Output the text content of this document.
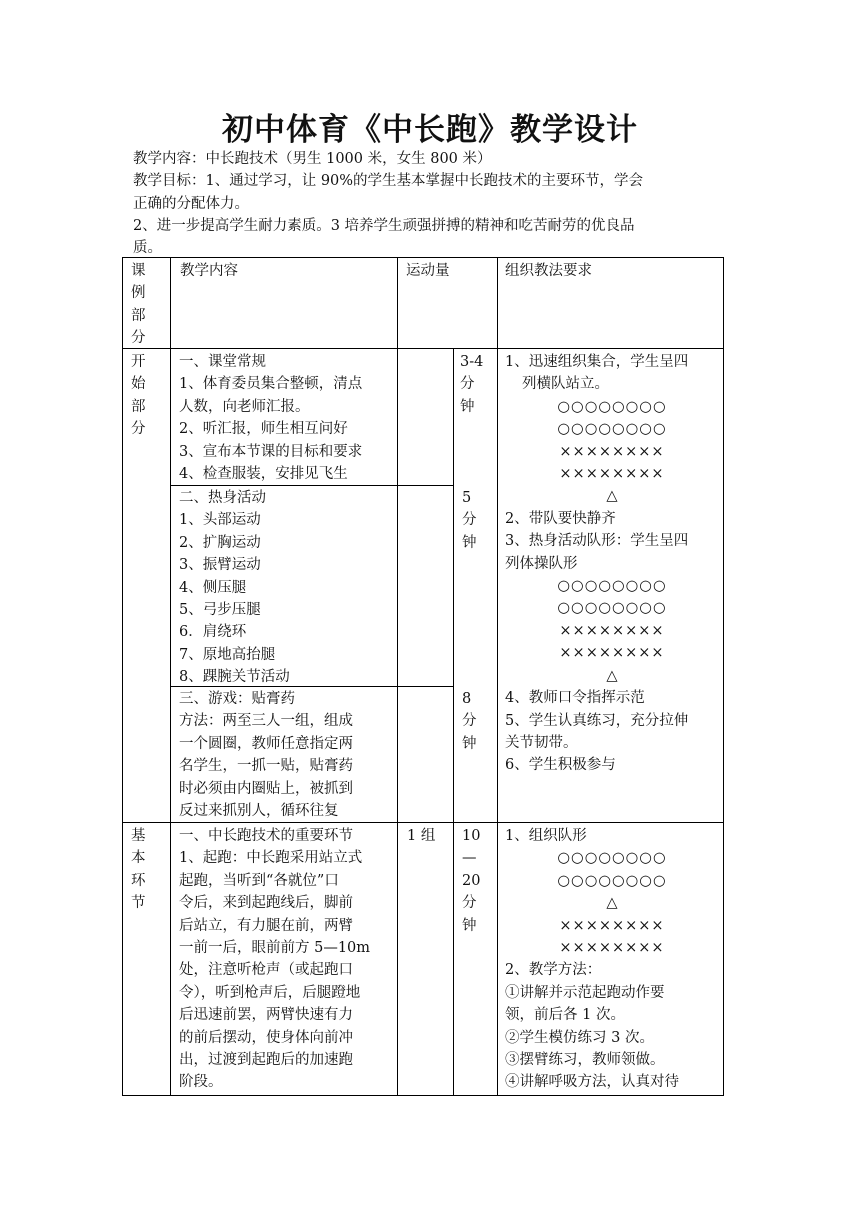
初中体育《中长跑》教学设计
教学内容：中长跑技术（男生 1000 米，女生 800 米）
教学目标：1、通过学习，让 90%的学生基本掌握中长跑技术的主要环节，学会
正确的分配体力。
2、进一步提高学生耐力素质。3 培养学生顽强拼搏的精神和吃苦耐劳的优良品
质。
课
例
部
分
教学内容	运动量	组织教法要求
开
始
部
分
一、课堂常规
1、体育委员集合整顿，清点
人数，向老师汇报。
2、听汇报，师生相互问好
3、宣布本节课的目标和要求
4、检查服装，安排见飞生
3-4
分
钟
二、热身活动
1、头部运动
2、扩胸运动
3、振臂运动
4、侧压腿
5、弓步压腿
6．肩绕环
7、原地高抬腿
8、踝腕关节活动
5
分
钟
三、游戏：贴膏药
方法：两至三人一组，组成
一个圆圈，教师任意指定两
名学生，一抓一贴，贴膏药
时必须由内圈贴上，被抓到
反过来抓别人，循环往复
8
分
钟
1、迅速组织集合，学生呈四
列横队站立。
○○○○○○○○
○○○○○○○○
××××××××
××××××××
△
2、带队要快静齐
3、热身活动队形：学生呈四
列体操队形
○○○○○○○○
○○○○○○○○
××××××××
××××××××
△
4、教师口令指挥示范
5、学生认真练习，充分拉伸
关节韧带。
6、学生积极参与
基
本
环
节
一、中长跑技术的重要环节
1、起跑：中长跑采用站立式
起跑，当听到“各就位”口
令后，来到起跑线后，脚前
后站立，有力腿在前，两臂
一前一后，眼前前方 5—10m
处，注意听枪声（或起跑口
令），听到枪声后，后腿蹬地
后迅速前罢，两臂快速有力
的前后摆动，使身体向前冲
出，过渡到起跑后的加速跑
阶段。
1 组 10
—
20
分
钟
1、组织队形
○○○○○○○○
○○○○○○○○
△
××××××××
××××××××
2、教学方法：
①讲解并示范起跑动作要
领，前后各 1 次。
②学生模仿练习 3 次。
③摆臂练习，教师领做。
④讲解呼吸方法，认真对待
